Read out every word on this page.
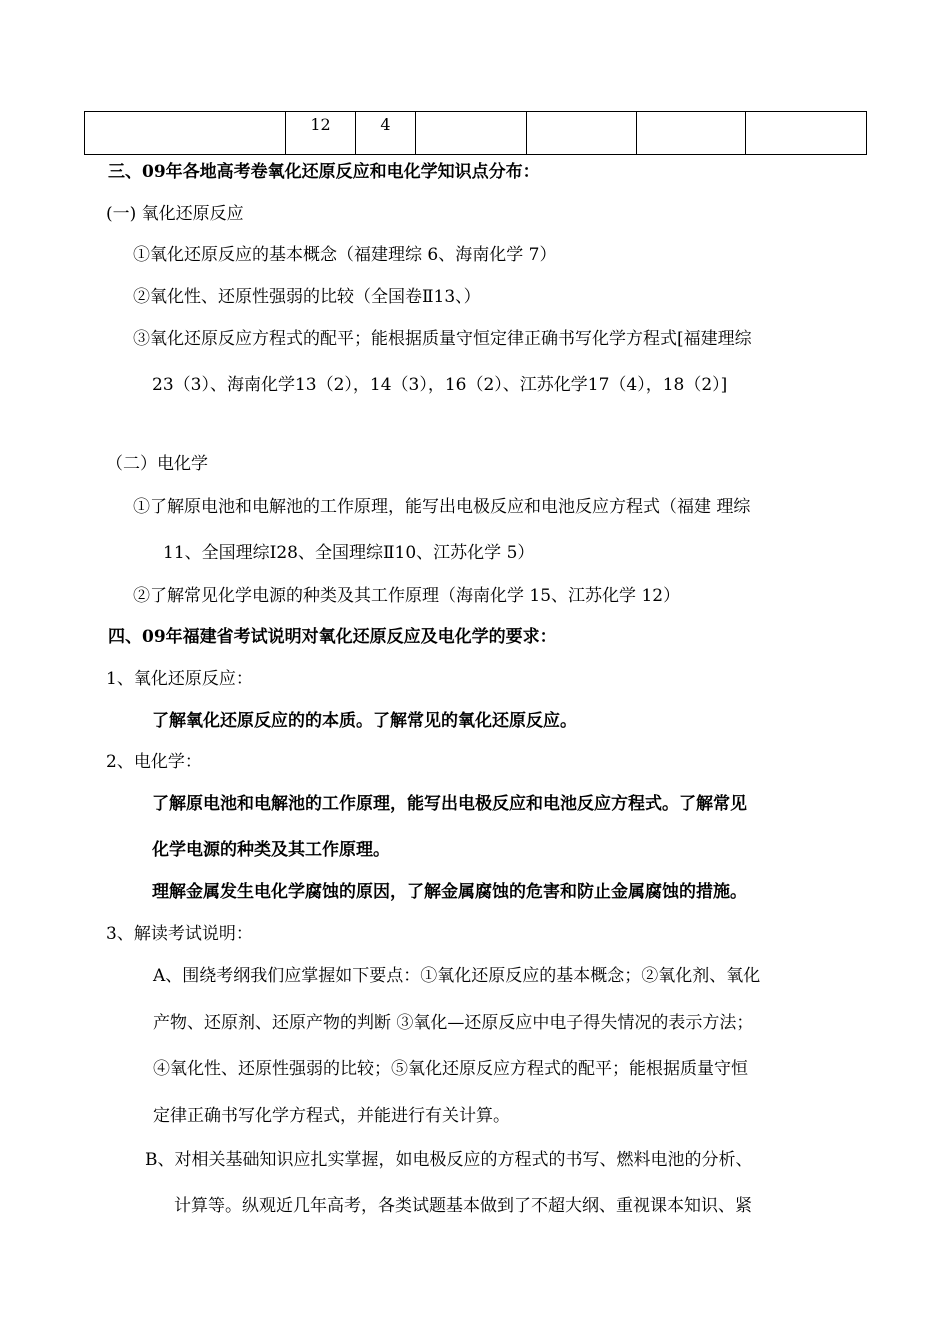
	12	4				
三、09年各地高考卷氧化还原反应和电化学知识点分布：
(一) 氧化还原反应
①氧化还原反应的基本概念（福建理综 6、海南化学 7）
②氧化性、还原性强弱的比较（全国卷Ⅱ13、）
③氧化还原反应方程式的配平；能根据质量守恒定律正确书写化学方程式[福建理综
23（3）、海南化学13（2），14（3），16（2）、江苏化学17（4），18（2）]
（二）电化学
①了解原电池和电解池的工作原理，能写出电极反应和电池反应方程式（福建 理综
11、全国理综Ⅰ28、全国理综Ⅱ10、江苏化学 5）
②了解常见化学电源的种类及其工作原理（海南化学 15、江苏化学 12）
四、09年福建省考试说明对氧化还原反应及电化学的要求：
1、氧化还原反应：
了解氧化还原反应的的本质。了解常见的氧化还原反应。
2、电化学：
了解原电池和电解池的工作原理，能写出电极反应和电池反应方程式。了解常见
化学电源的种类及其工作原理。
理解金属发生电化学腐蚀的原因，了解金属腐蚀的危害和防止金属腐蚀的措施。
3、解读考试说明：
A、围绕考纲我们应掌握如下要点：①氧化还原反应的基本概念；②氧化剂、氧化
产物、还原剂、还原产物的判断 ③氧化—还原反应中电子得失情况的表示方法；
④氧化性、还原性强弱的比较；⑤氧化还原反应方程式的配平；能根据质量守恒
定律正确书写化学方程式，并能进行有关计算。
B、对相关基础知识应扎实掌握，如电极反应的方程式的书写、燃料电池的分析、
计算等。纵观近几年高考，各类试题基本做到了不超大纲、重视课本知识、紧
